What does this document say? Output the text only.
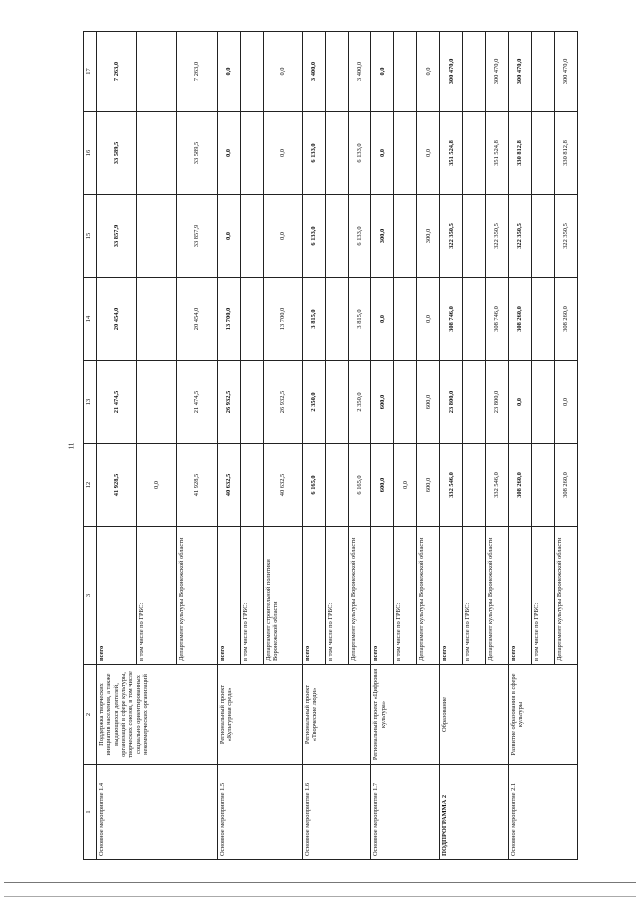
11
1	2	3	12	13	14	15	16	17
Основное мероприятие 1.4	Поддержка творческих инициатив населения, а также выдающихся деятелей, организаций в сфере культуры, творческих союзов, в том числе социально ориентированных некоммерческих организаций	всего	41 928,5	21 474,5	20 454,0	33 857,9	33 589,5	7 263,0
		в том числе по ГРБС:	0,0					
		Департамент культуры Воронежской области	41 928,5	21 474,5	20 454,0	33 857,9	33 589,5	7 263,0
Основное мероприятие 1.5	Региональный проект «Культурная среда»	всего	40 632,5	26 932,5	13 700,0	0,0	0,0	0,0
		в том числе по ГРБС:						
		Департамент строительной политики Воронежской области	40 632,5	26 932,5	13 700,0	0,0	0,0	0,0
Основное мероприятие 1.6	Региональный проект «Творческие люди»	всего	6 165,0	2 350,0	3 815,0	6 133,0	6 133,0	3 400,0
		в том числе по ГРБС:						
		Департамент культуры Воронежской области	6 165,0	2 350,0	3 815,0	6 133,0	6 133,0	3 400,0
Основное мероприятие 1.7	Региональный проект «Цифровая культура»	всего	600,0	600,0	0,0	300,0	0,0	0,0
		в том числе по ГРБС:	0,0					
		Департамент культуры Воронежской области	600,0	600,0	0,0	300,0	0,0	0,0
ПОДПРОГРАММА 2	Образование	всего	332 546,0	23 800,0	308 746,0	322 350,5	351 524,8	300 470,0
		в том числе по ГРБС:						
		Департамент культуры Воронежской области	332 546,0	23 800,0	308 746,0	322 350,5	351 524,8	300 470,0
Основное мероприятие 2.1	Развитие образования в сфере культуры	всего	308 260,0	0,0	308 260,0	322 350,5	330 812,8	300 470,0
		в том числе по ГРБС:						
		Департамент культуры Воронежской области	308 260,0	0,0	308 260,0	322 350,5	330 812,8	300 470,0
